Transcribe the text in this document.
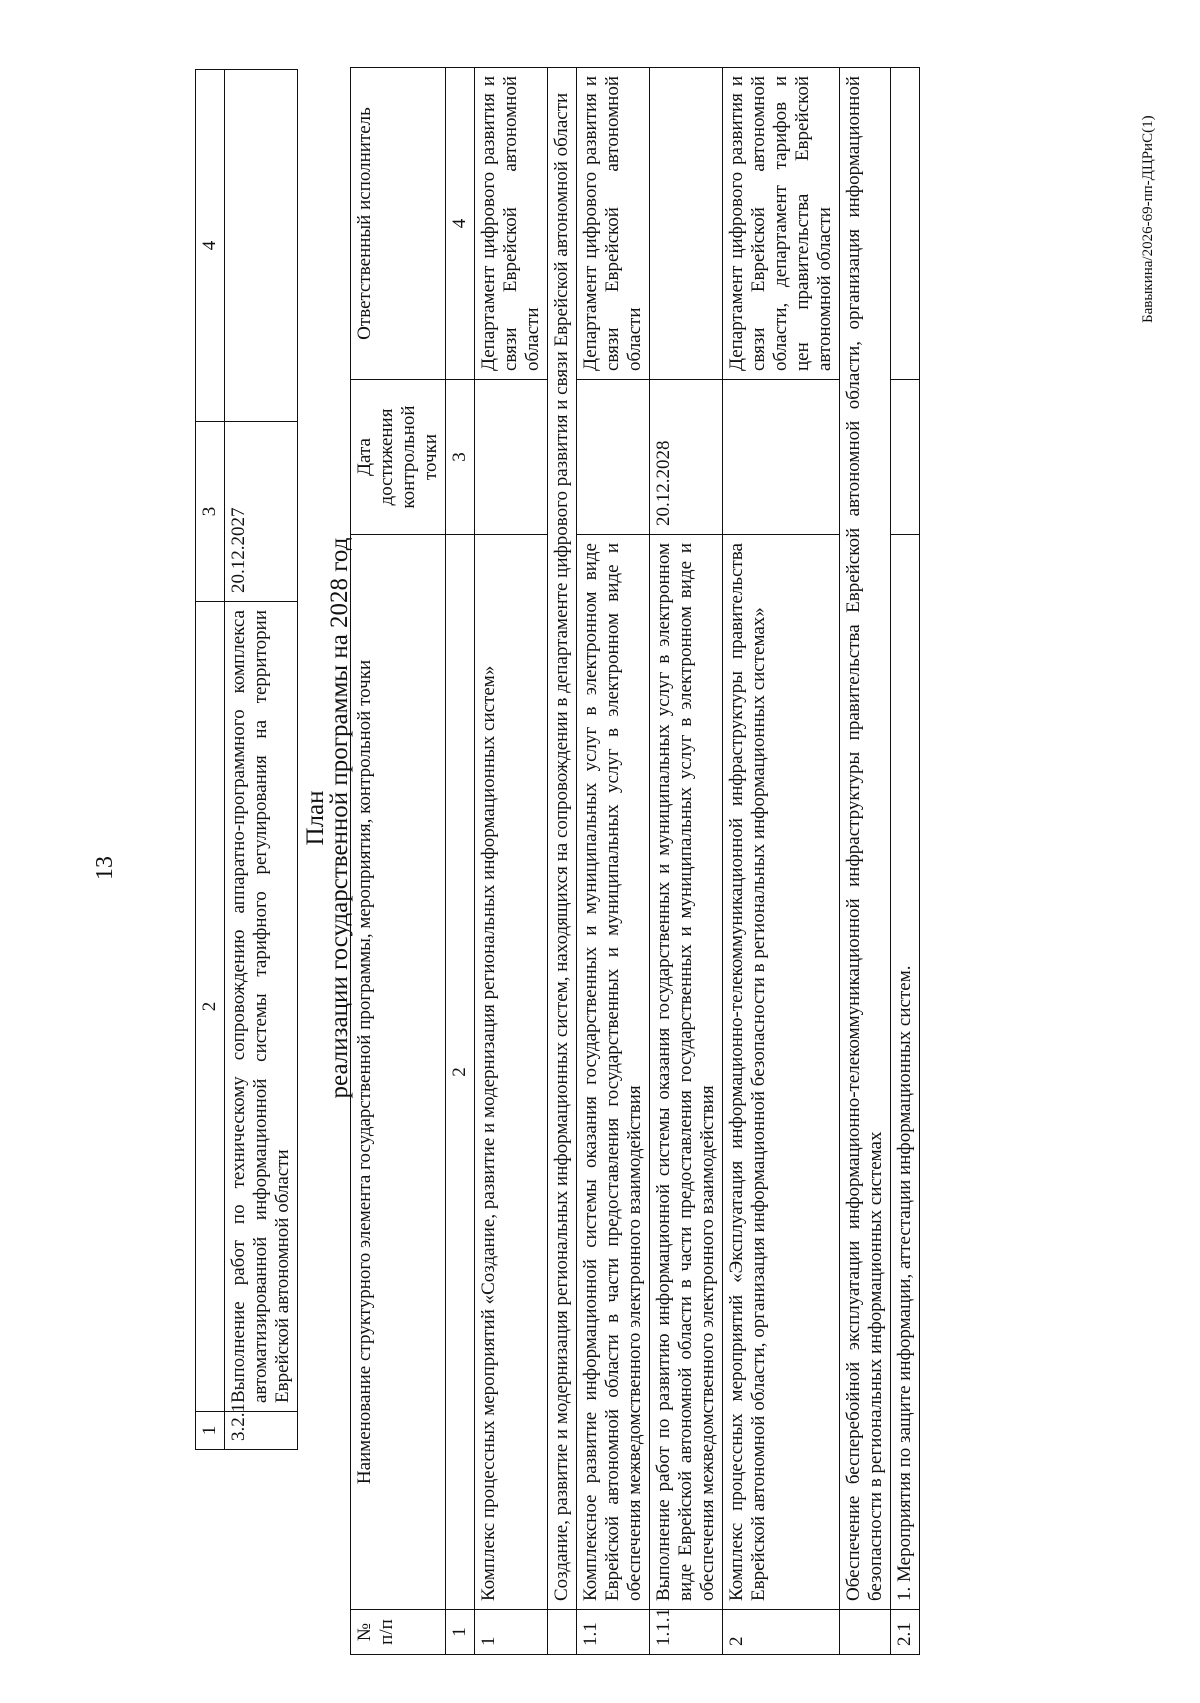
13
1	2	3	4
3.2.1	Выполнение работ по техническому сопровождению аппаратно-программного комплекса автоматизированной информационной системы тарифного регулирования на территории Еврейской автономной области	20.12.2027	
План
реализации государственной программы на 2028 год
№ п/п	Наименование структурного элемента государственной программы, мероприятия, контрольной точки	Дата достижения контрольной точки	Ответственный исполнитель
1	2	3	4
1	Комплекс процессных мероприятий «Создание, развитие и модернизация региональных информационных систем»		Департамент цифрового развития и связи Еврейской автономной области
	Создание, развитие и модернизация региональных информационных систем, находящихся на сопровождении в департаменте цифрового развития и связи Еврейской автономной области		
1.1	Комплексное развитие информационной системы оказания государственных и муниципальных услуг в электронном виде Еврейской автономной области в части предоставления государственных и муниципальных услуг в электронном виде и обеспечения межведомственного электронного взаимодействия		Департамент цифрового развития и связи Еврейской автономной области
1.1.1	Выполнение работ по развитию информационной системы оказания государственных и муниципальных услуг в электронном виде Еврейской автономной области в части предоставления государственных и муниципальных услуг в электронном виде и обеспечения межведомственного электронного взаимодействия	20.12.2028	
2	Комплекс процессных мероприятий «Эксплуатация информационно-телекоммуникационной инфраструктуры правительства Еврейской автономной области, организация информационной безопасности в региональных информационных системах»		Департамент цифрового развития и связи Еврейской автономной области, департамент тарифов и цен правительства Еврейской автономной области
	Обеспечение бесперебойной эксплуатации информационно-телекоммуникационной инфраструктуры правительства Еврейской автономной области, организация информационной безопасности в региональных информационных системах		
2.1	1. Мероприятия по защите информации, аттестации информационных систем.		
Бавыкина/2026-69-пп-ДЦРиС(1)
